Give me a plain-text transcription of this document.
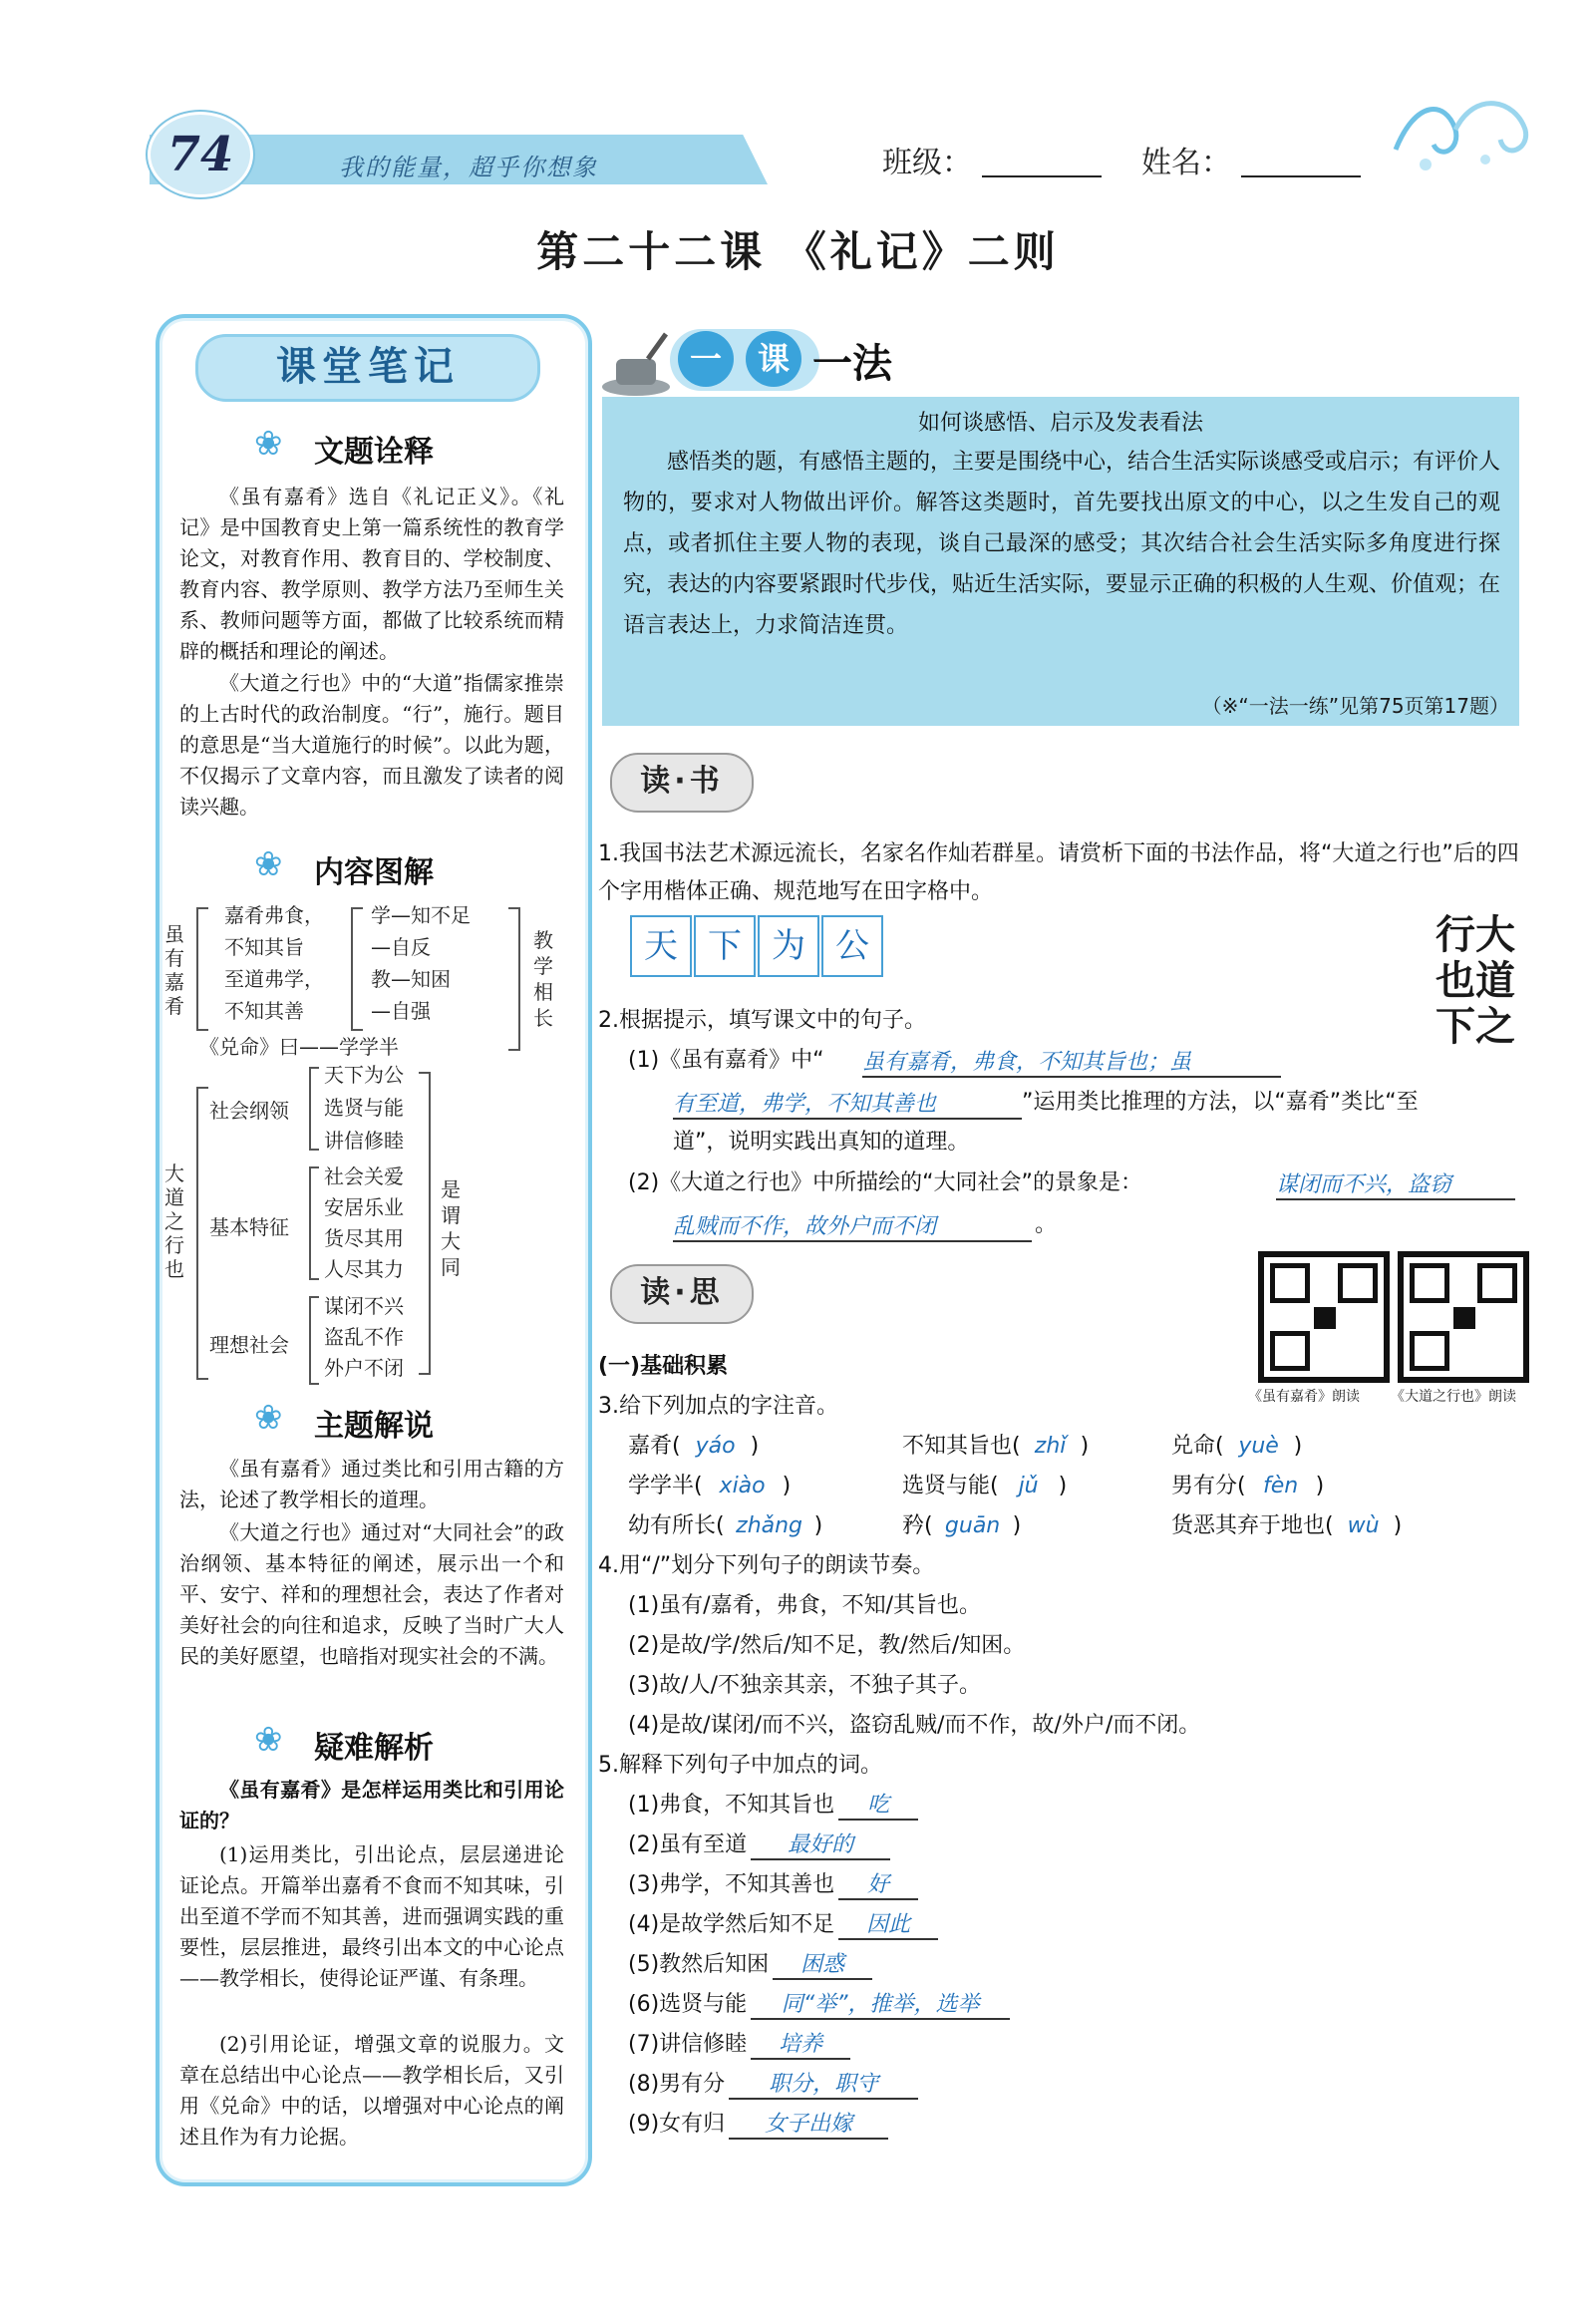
74	我的能量，超乎你想象	班级：	姓名：
第二十二课 《礼记》二则
课堂笔记
❀ 文题诠释
《虽有嘉肴》选自《礼记正义》。《礼记》是中国教育史上第一篇系统性的教育学论文，对教育作用、教育目的、学校制度、教育内容、教学原则、教学方法乃至师生关系、教师问题等方面，都做了比较系统而精辟的概括和理论的阐述。
《大道之行也》中的“大道”指儒家推崇的上古时代的政治制度。“行”，施行。题目的意思是“当大道施行的时候”。以此为题，不仅揭示了文章内容，而且激发了读者的阅读兴趣。
❀ 内容图解
虽有嘉肴
嘉肴弗食，
不知其旨
至道弗学，
不知其善
学—知不足
—自反
教—知困
—自强
教学相长
《兑命》曰——学学半
大道之行也
社会纲领
基本特征
理想社会
天下为公
选贤与能
讲信修睦
社会关爱
安居乐业
货尽其用
人尽其力
谋闭不兴
盗乱不作
外户不闭
是谓大同
❀ 主题解说
《虽有嘉肴》通过类比和引用古籍的方法，论述了教学相长的道理。
《大道之行也》通过对“大同社会”的政治纲领、基本特征的阐述，展示出一个和平、安宁、祥和的理想社会，表达了作者对美好社会的向往和追求，反映了当时广大人民的美好愿望，也暗指对现实社会的不满。
❀ 疑难解析
《虽有嘉肴》是怎样运用类比和引用论证的？
(1)运用类比，引出论点，层层递进论证论点。开篇举出嘉肴不食而不知其味，引出至道不学而不知其善，进而强调实践的重要性，层层推进，最终引出本文的中心论点——教学相长，使得论证严谨、有条理。
(2)引用论证，增强文章的说服力。文章在总结出中心论点——教学相长后，又引用《兑命》中的话，以增强对中心论点的阐述且作为有力论据。
一	课 一法
如何谈感悟、启示及发表看法
感悟类的题，有感悟主题的，主要是围绕中心，结合生活实际谈感受或启示；有评价人物的，要求对人物做出评价。解答这类题时，首先要找出原文的中心，以之生发自己的观点，或者抓住主要人物的表现，谈自己最深的感受；其次结合社会生活实际多角度进行探究，表达的内容要紧跟时代步伐，贴近生活实际，要显示正确的积极的人生观、价值观；在语言表达上，力求简洁连贯。
（※“一法一练”见第75页第17题）
读·书
1.我国书法艺术源远流长，名家名作灿若群星。请赏析下面的书法作品，将“大道之行也”后的四个字用楷体正确、规范地写在田字格中。
天 下 为 公	行大
也道
下之
2.根据提示，填写课文中的句子。
(1)《虽有嘉肴》中“ 虽有嘉肴，弗食，不知其旨也；虽
有至道，弗学，不知其善也	”运用类比推理的方法，以“嘉肴”类比“至
道”，说明实践出真知的道理。
(2)《大道之行也》中所描绘的“大同社会”的景象是：	谋闭而不兴，盗窃
乱贼而不作，故外户而不闭	。
读·思
《虽有嘉肴》朗读 《大道之行也》朗读
(一)基础积累
3.给下列加点的字注音。
嘉肴( yáo )	不知其旨也( zhǐ )	兑命( yuè )
学学半( xiào )	选贤与能( jǔ )	男有分( fèn )
幼有所长( zhǎng )	矜( guān )	货恶其弃于地也( wù )
4.用“/”划分下列句子的朗读节奏。
(1)虽有/嘉肴，弗食，不知/其旨也。
(2)是故/学/然后/知不足，教/然后/知困。
(3)故/人/不独亲其亲，不独子其子。
(4)是故/谋闭/而不兴，盗窃乱贼/而不作，故/外户/而不闭。
5.解释下列句子中加点的词。
(1)弗食，不知其旨也 吃
(2)虽有至道 最好的
(3)弗学，不知其善也 好
(4)是故学然后知不足 因此
(5)教然后知困 困惑
(6)选贤与能 同“举”，推举，选举
(7)讲信修睦 培养
(8)男有分 职分，职守
(9)女有归 女子出嫁
